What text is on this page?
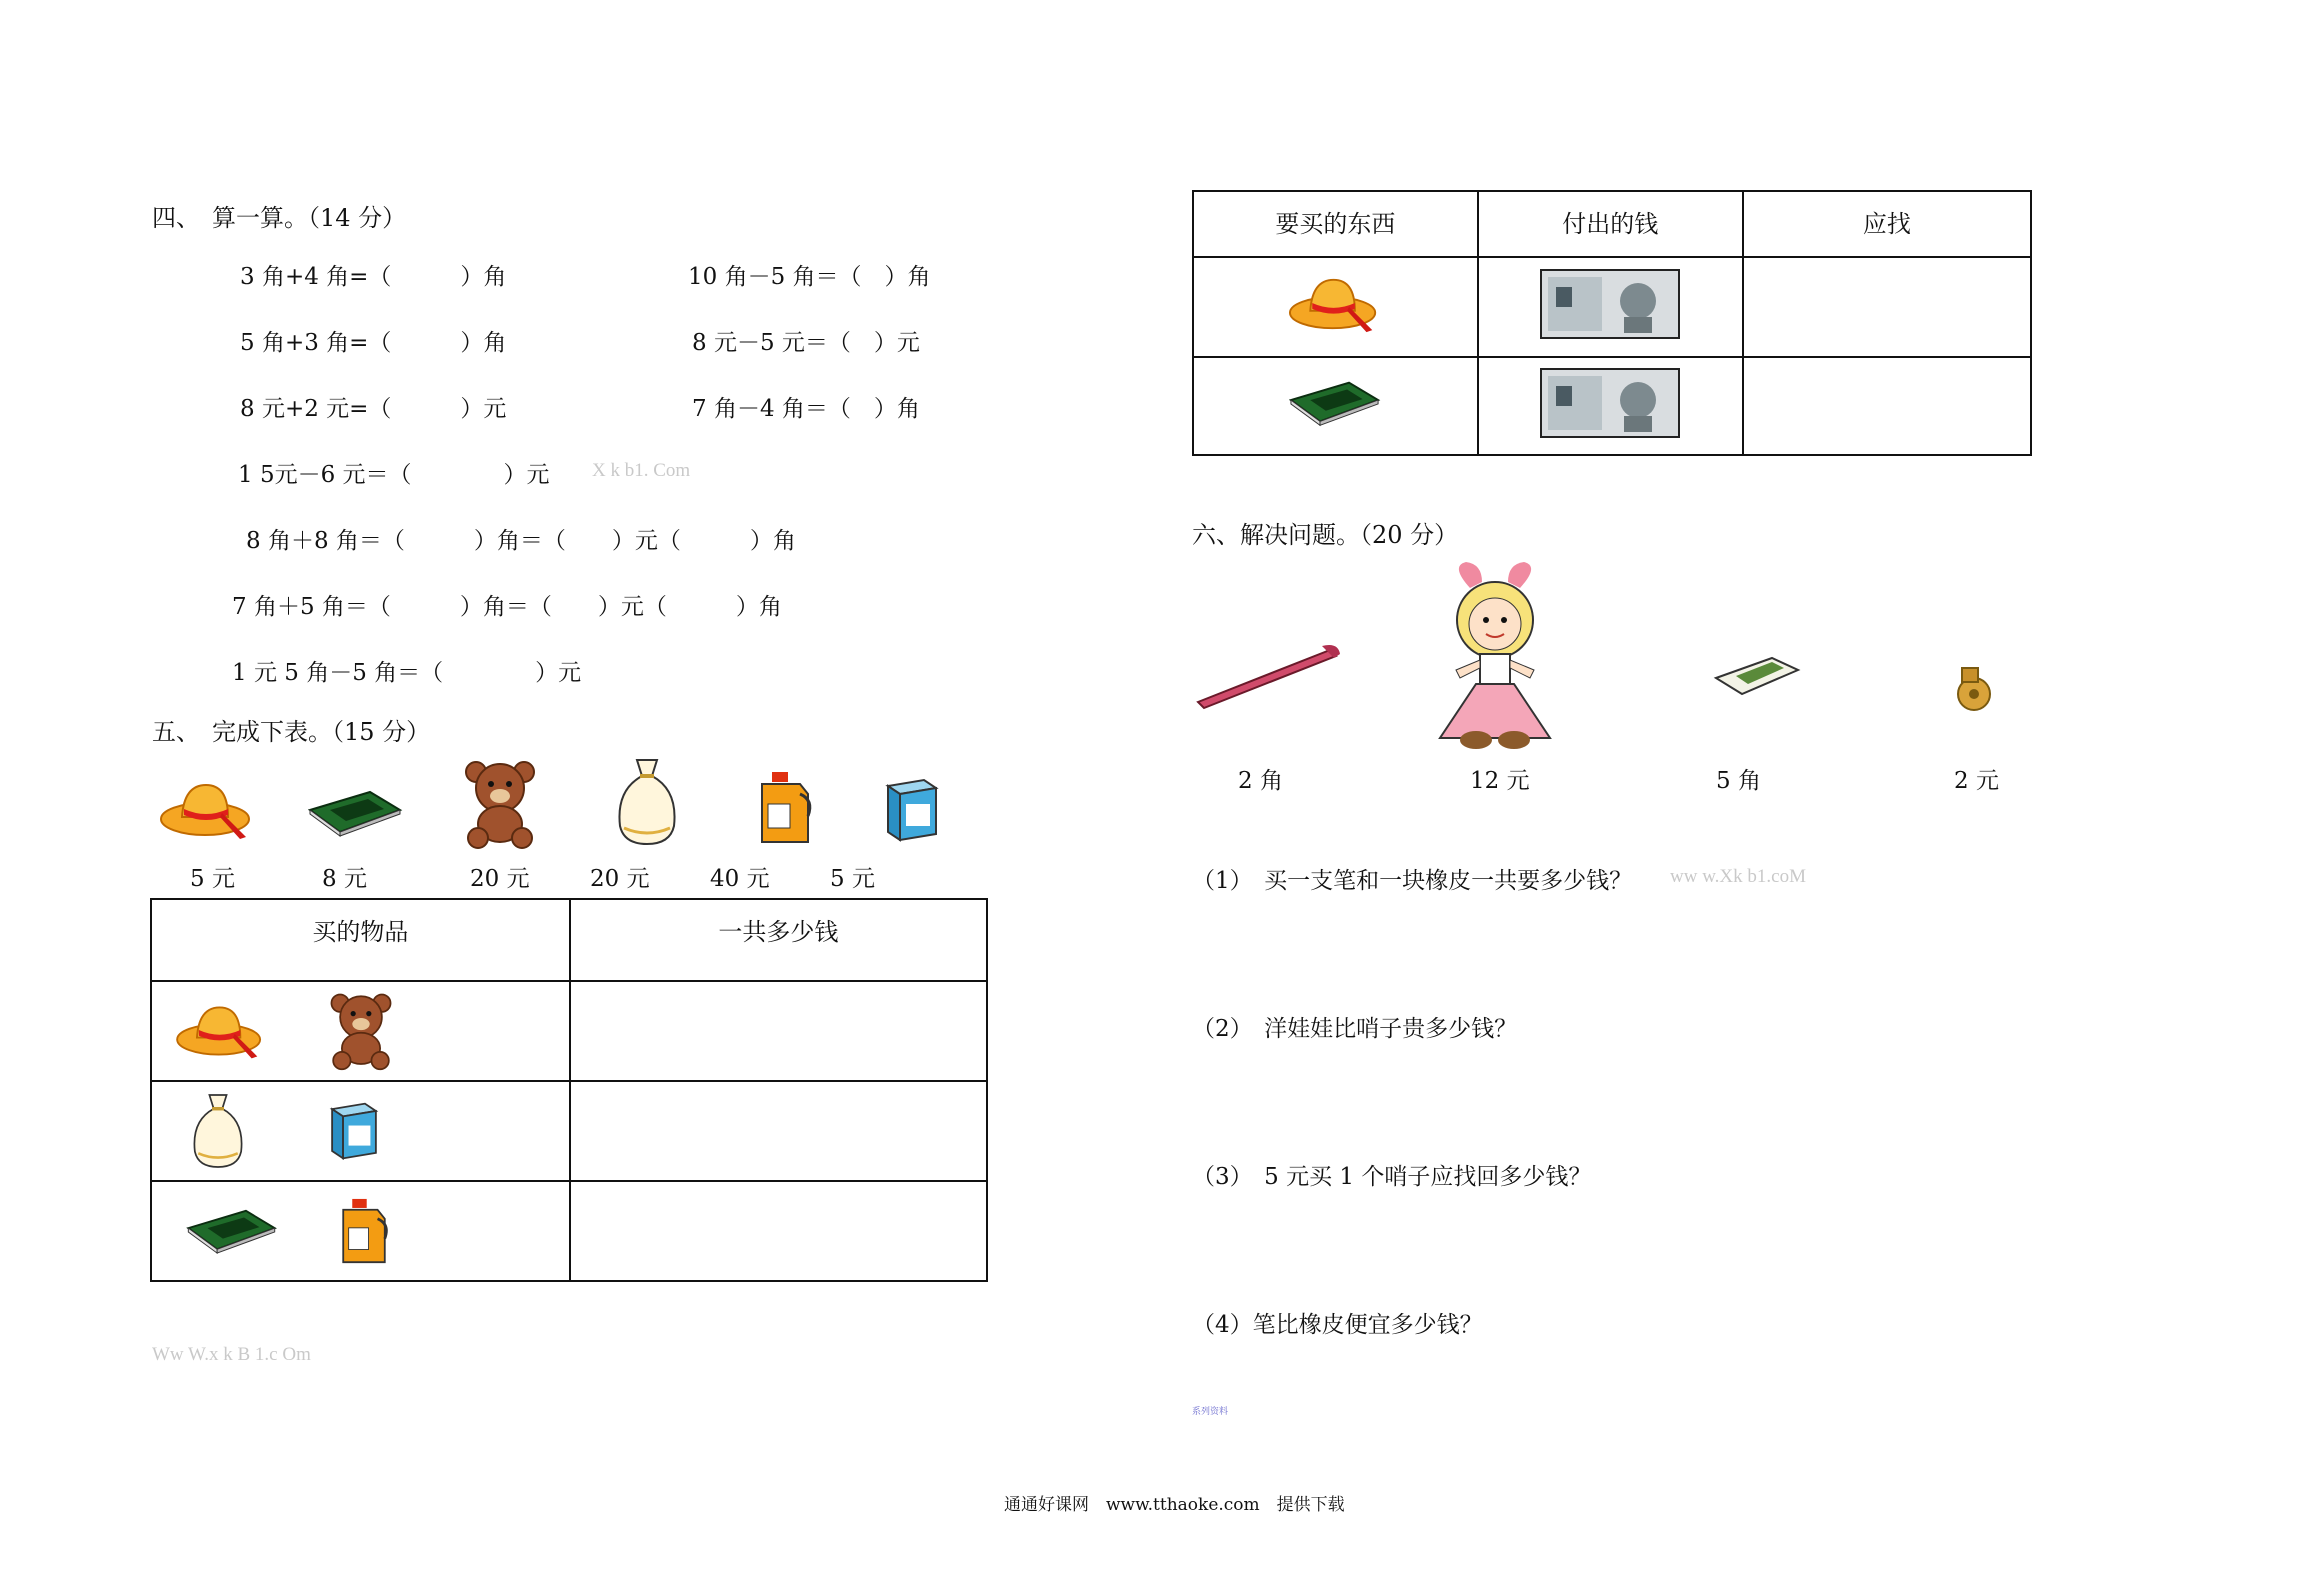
四、　算一算。（14 分）
3 角+4 角=（　　　）角	10 角－5 角＝（　）角
5 角+3 角=（　　　）角	8 元－5 元＝（　）元
8 元+2 元=（　　　）元	7 角－4 角＝（　）角
1 5元－6 元＝（　　　　）元 X k b1. Com
8 角＋8 角＝（　　　）角＝（　　）元（　　　）角
7 角＋5 角＝（　　　）角＝（　　）元（　　　）角
1 元 5 角－5 角＝（　　　　）元
五、　完成下表。（15 分）
5 元	8 元	20 元	20 元	40 元	5 元
买的物品	一共多少钱

Ww W.x k B 1.c Om
要买的东西	付出的钱	应找

六、解决问题。（20 分）
2 角	12 元	5 角	2 元
（1）　买一支笔和一块橡皮一共要多少钱？ ww w.Xk b1.coM
（2）　洋娃娃比哨子贵多少钱？
（3）　5 元买 1 个哨子应找回多少钱？
（4）笔比橡皮便宜多少钱？
系列资料
通通好课网　www.tthaoke.com　提供下载
